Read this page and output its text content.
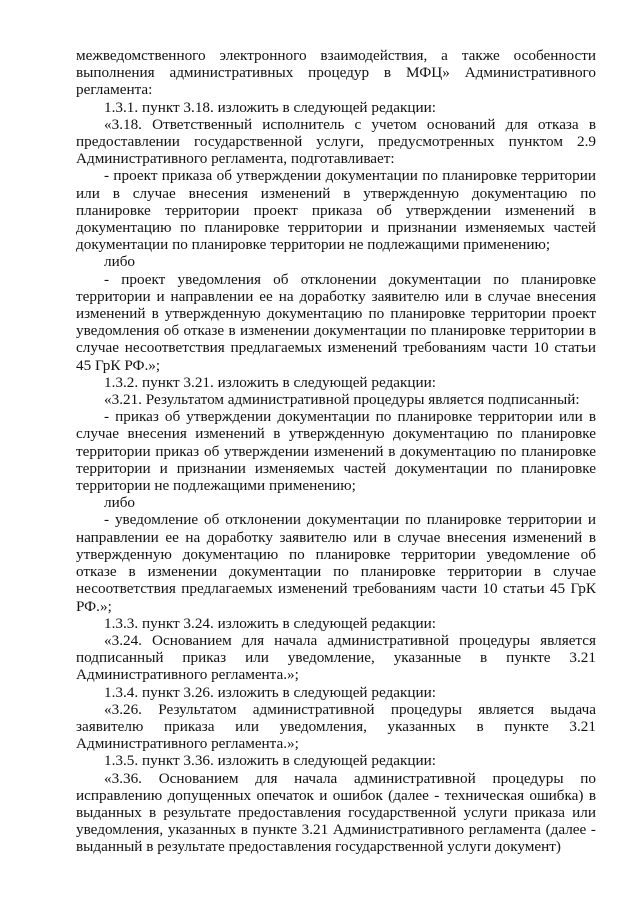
межведомственного электронного взаимодействия, а также особенности выполнения административных процедур в МФЦ» Административного регламента:

1.3.1. пункт 3.18. изложить в следующей редакции:

«3.18. Ответственный исполнитель с учетом оснований для отказа в предоставлении государственной услуги, предусмотренных пунктом 2.9 Административного регламента, подготавливает:

- проект приказа об утверждении документации по планировке территории или в случае внесения изменений в утвержденную документацию по планировке территории проект приказа об утверждении изменений в документацию по планировке территории и признании изменяемых частей документации по планировке территории не подлежащими применению;

либо

- проект уведомления об отклонении документации по планировке территории и направлении ее на доработку заявителю или в случае внесения изменений в утвержденную документацию по планировке территории проект уведомления об отказе в изменении документации по планировке территории в случае несоответствия предлагаемых изменений требованиям части 10 статьи 45 ГрК РФ.»;

1.3.2. пункт 3.21. изложить в следующей редакции:

«3.21. Результатом административной процедуры является подписанный:

- приказ об утверждении документации по планировке территории или в случае внесения изменений в утвержденную документацию по планировке территории приказ об утверждении изменений в документацию по планировке территории и признании изменяемых частей документации по планировке территории не подлежащими применению;

либо

- уведомление об отклонении документации по планировке территории и направлении ее на доработку заявителю или в случае внесения изменений в утвержденную документацию по планировке территории уведомление об отказе в изменении документации по планировке территории в случае несоответствия предлагаемых изменений требованиям части 10 статьи 45 ГрК РФ.»;

1.3.3. пункт 3.24. изложить в следующей редакции:

«3.24. Основанием для начала административной процедуры является подписанный приказ или уведомление, указанные в пункте 3.21 Административного регламента.»;

1.3.4. пункт 3.26. изложить в следующей редакции:

«3.26. Результатом административной процедуры является выдача заявителю приказа или уведомления, указанных в пункте 3.21 Административного регламента.»;

1.3.5. пункт 3.36. изложить в следующей редакции:

«3.36. Основанием для начала административной процедуры по исправлению допущенных опечаток и ошибок (далее - техническая ошибка) в выданных в результате предоставления государственной услуги приказа или уведомления, указанных в пункте 3.21 Административного регламента (далее - выданный в результате предоставления государственной услуги документ)
